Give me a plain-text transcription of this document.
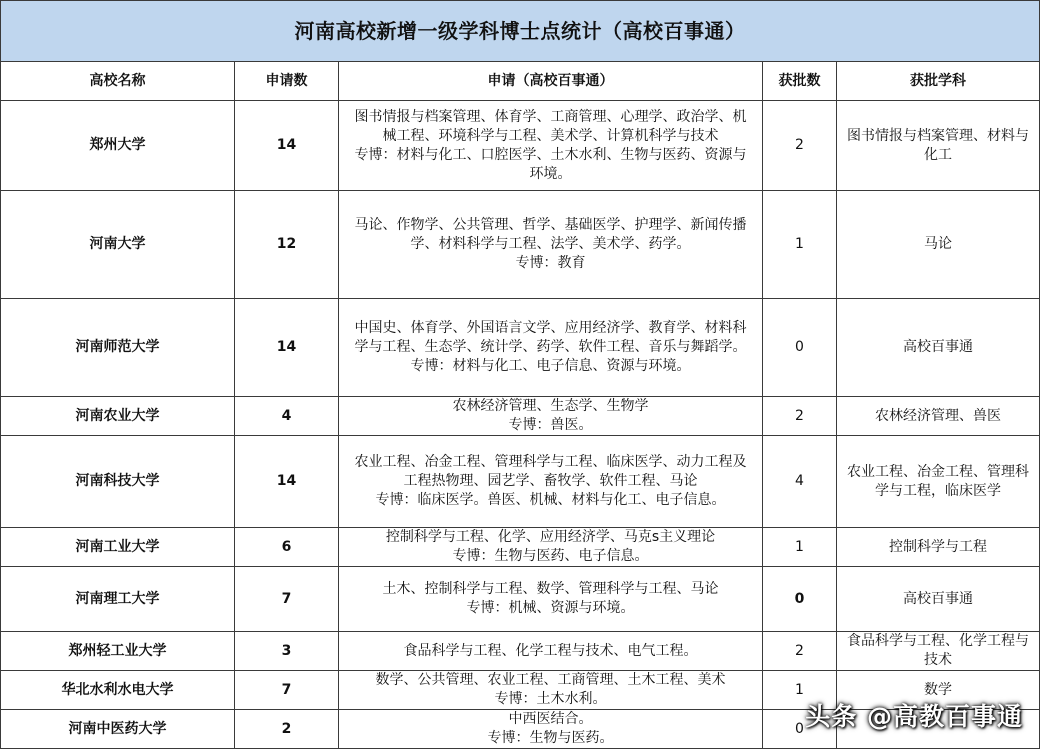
河南高校新增一级学科博士点统计（高校百事通）				
高校名称	申请数	申请（高校百事通）	获批数	获批学科
郑州大学	14	图书情报与档案管理、体育学、工商管理、心理学、政治学、机
械工程、环境科学与工程、美术学、计算机科学与技术
专博：材料与化工、口腔医学、土木水利、生物与医药、资源与
环境。	2	图书情报与档案管理、材料与
化工

河南大学	12	马论、作物学、公共管理、哲学、基础医学、护理学、新闻传播
学、材料科学与工程、法学、美术学、药学。
专博：教育	1	马论

河南师范大学	14	中国史、体育学、外国语言文学、应用经济学、教育学、材料科
学与工程、生态学、统计学、药学、软件工程、音乐与舞蹈学。
专博：材料与化工、电子信息、资源与环境。	0	高校百事通

河南农业大学	4	农林经济管理、生态学、生物学
专博：兽医。	2	农林经济管理、兽医

河南科技大学	14	农业工程、冶金工程、管理科学与工程、临床医学、动力工程及
工程热物理、园艺学、畜牧学、软件工程、马论
专博：临床医学。兽医、机械、材料与化工、电子信息。	4	农业工程、冶金工程、管理科
学与工程，临床医学

河南工业大学	6	控制科学与工程、化学、应用经济学、马克s主义理论
专博：生物与医药、电子信息。	1	控制科学与工程

河南理工大学	7	土木、控制科学与工程、数学、管理科学与工程、马论
专博：机械、资源与环境。	0	高校百事通

郑州轻工业大学	3	食品科学与工程、化学工程与技术、电气工程。	2	食品科学与工程、化学工程与
技术

华北水利水电大学	7	数学、公共管理、农业工程、工商管理、土木工程、美术
专博：土木水利。	1	数学

河南中医药大学	2	中西医结合。
专博：生物与医药。	0	头条 @高教百事通
